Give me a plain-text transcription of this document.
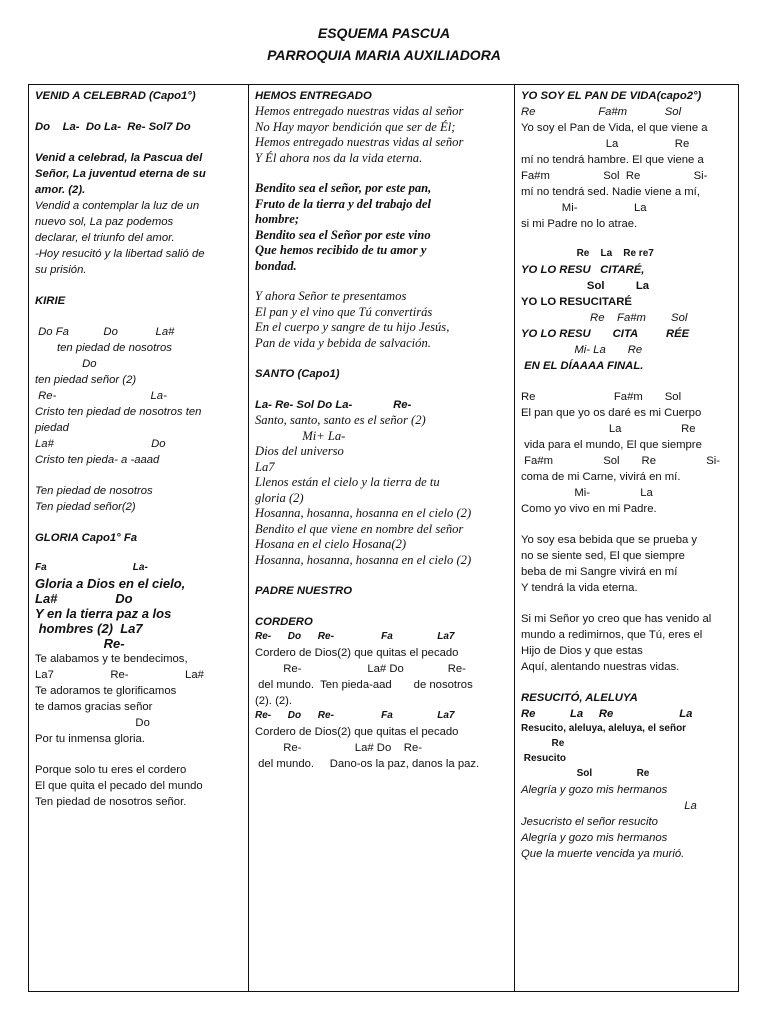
ESQUEMA PASCUA
PARROQUIA MARIA AUXILIADORA
VENID A CELEBRAD (Capo1°)
Do    La-  Do La-  Re- Sol7 Do
Venid a celebrad, la Pascua del
Señor, La juventud eterna de su
amor. (2).
Vendid a contemplar la luz de un
nuevo sol, La paz podemos
declarar, el triunfo del amor.
-Hoy resucitó y la libertad salió de
su prisión.
KIRIE
Do Fa           Do            La#
ten piedad de nosotros
Do
ten piedad señor (2)
Re-                              La-
Cristo ten piedad de nosotros ten
piedad
La#                               Do
Cristo ten pieda- a -aaad
Ten piedad de nosotros
Ten piedad señor(2)
GLORIA Capo1° Fa
Fa                               La-
Gloria a Dios en el cielo,
La#                Do
Y en la tierra paz a los
hombres (2)  La7
Re-
Te alabamos y te bendecimos,
La7                  Re-                  La#
Te adoramos te glorificamos
te damos gracias señor
Do
Por tu inmensa gloria.
Porque solo tu eres el cordero
El que quita el pecado del mundo
Ten piedad de nosotros señor.
HEMOS ENTREGADO
Hemos entregado nuestras vidas al señor
No Hay mayor bendición que ser de Él;
Hemos entregado nuestras vidas al señor
Y Él ahora nos da la vida eterna.
Bendito sea el señor, por este pan,
Fruto de la tierra y del trabajo del
hombre;
Bendito sea el Señor por este vino
Que hemos recibido de tu amor y
bondad.
Y ahora Señor te presentamos
El pan y el vino que Tú convertirás
En el cuerpo y sangre de tu hijo Jesús,
Pan de vida y bebida de salvación.
SANTO (Capo1)
La- Re- Sol Do La-             Re-
Santo, santo, santo es el señor (2)
Mi+ La-
Dios del universo
La7
Llenos están el cielo y la tierra de tu
gloria (2)
Hosanna, hosanna, hosanna en el cielo (2)
Bendito el que viene en nombre del señor
Hosana en el cielo Hosana(2)
Hosanna, hosanna, hosanna en el cielo (2)
PADRE NUESTRO
CORDERO
Re-      Do      Re-                 Fa                La7
Cordero de Dios(2) que quitas el pecado
Re-                     La# Do              Re-
del mundo.  Ten pieda-aad       de nosotros
(2). (2).
Re-      Do      Re-                 Fa                La7
Cordero de Dios(2) que quitas el pecado
Re-                 La# Do    Re-
del mundo.     Dano-os la paz, danos la paz.
YO SOY EL PAN DE VIDA(capo2°)
Re                    Fa#m            Sol
Yo soy el Pan de Vida, el que viene a
La                  Re
mí no tendrá hambre. El que viene a
Fa#m                 Sol  Re                 Si-
mí no tendrá sed. Nadie viene a mí,
Mi-                  La
si mi Padre no lo atrae.
Re    La    Re re7
YO LO RESU   CITARÉ,
Sol          La
YO LO RESUCITARÉ
Re    Fa#m        Sol
YO LO RESU       CITA         RÉE
Mi- La       Re
EN EL DÍAAAA FINAL.
Re                         Fa#m       Sol
El pan que yo os daré es mi Cuerpo
La                   Re
vida para el mundo, El que siempre
Fa#m                Sol       Re                Si-
coma de mi Carne, vivirá en mí.
Mi-                La
Como yo vivo en mi Padre.
Yo soy esa bebida que se prueba y
no se siente sed, El que siempre
beba de mi Sangre vivirá en mí
Y tendrá la vida eterna.
Si mi Señor yo creo que has venido al
mundo a redimirnos, que Tú, eres el
Hijo de Dios y que estas
Aquí, alentando nuestras vidas.
RESUCITÓ, ALELUYA
Re           La     Re                     La
Resucito, aleluya, aleluya, el señor
Re
Resucito
Sol                Re
Alegría y gozo mis hermanos
La
Jesucristo el señor resucito
Alegría y gozo mis hermanos
Que la muerte vencida ya murió.
